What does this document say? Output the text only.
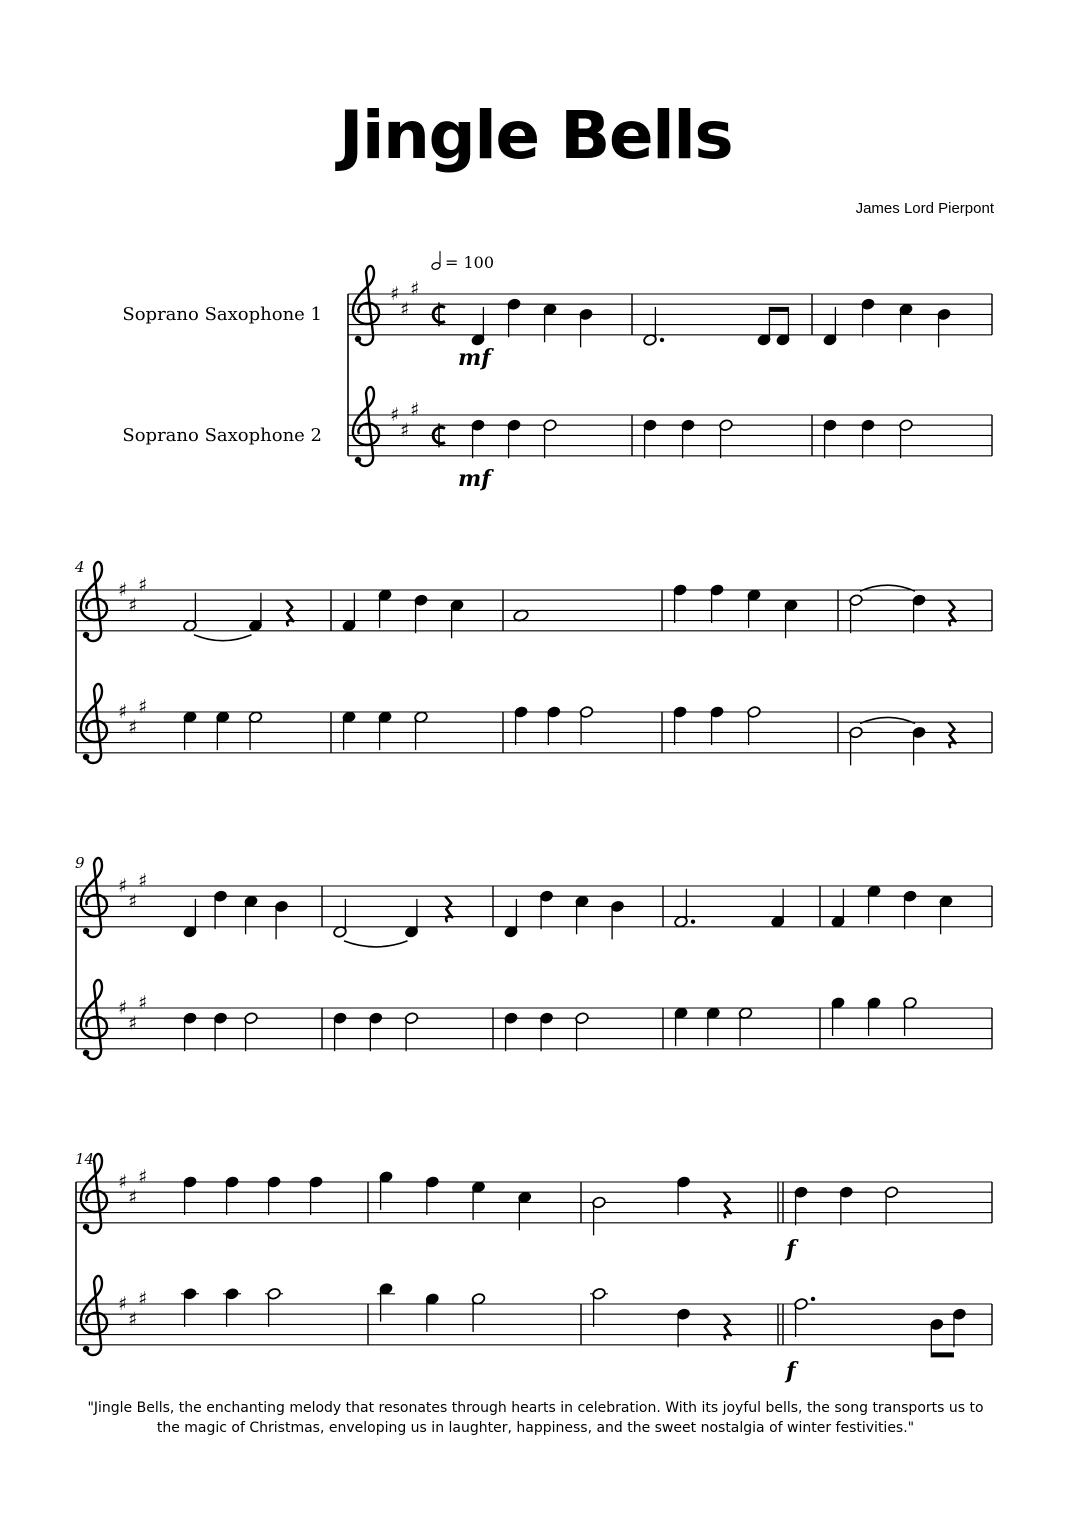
Jingle Bells
James Lord Pierpont
♯
♯
♯
♯
♯
♯
♯
♯
♯
♯
♯
♯
♯
♯
♯
♯
♯
♯
♯
♯
♯
♯
♯
♯
Soprano Saxophone 1
Soprano Saxophone 2
= 100
4
9
14
mf
mf
f
f
"Jingle Bells, the enchanting melody that resonates through hearts in celebration. With its joyful bells, the song transports us to the magic of Christmas, enveloping us in laughter, happiness, and the sweet nostalgia of winter festivities."
